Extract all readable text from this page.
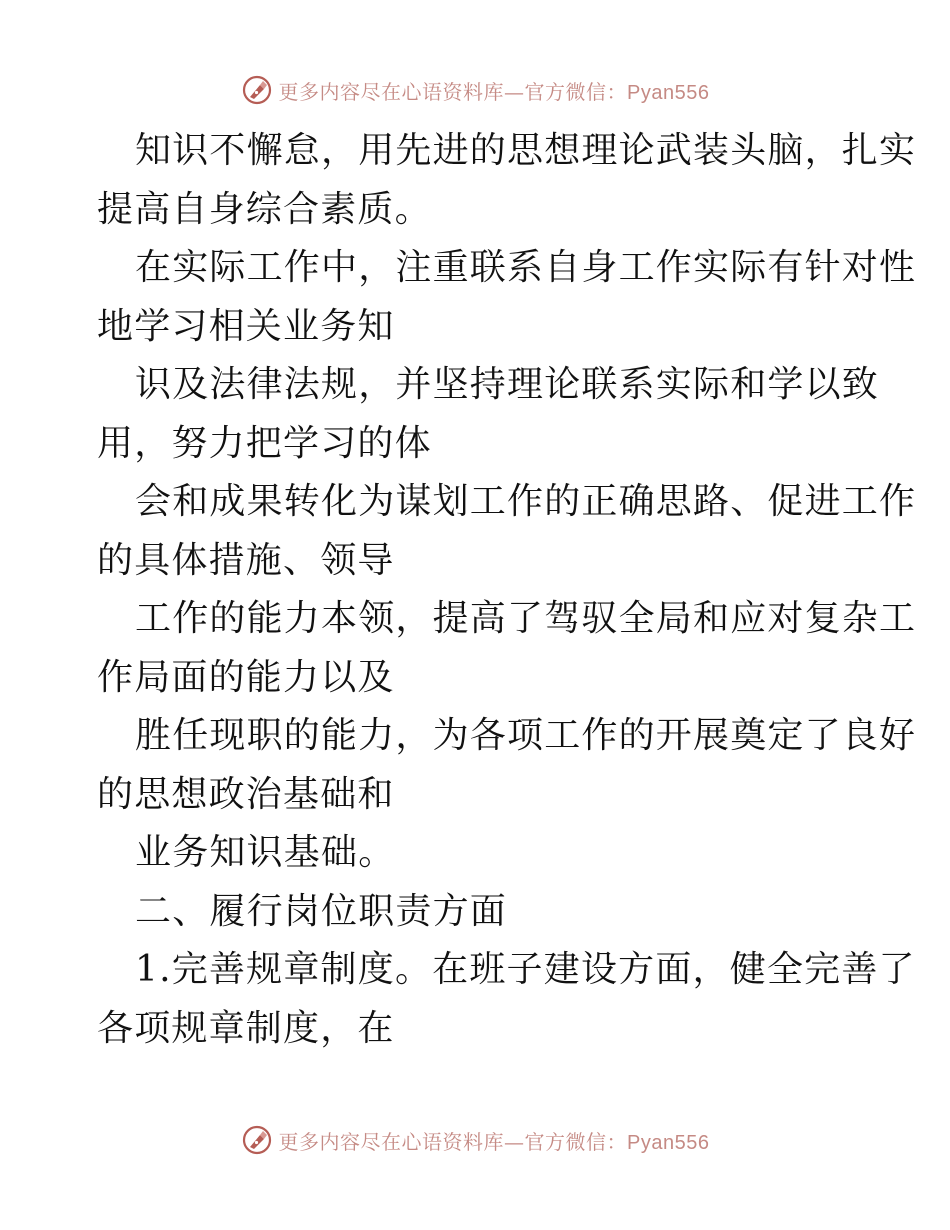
更多内容尽在心语资料库—官方微信：Pyan556
知识不懈怠，用先进的思想理论武装头脑，扎实
提高自身综合素质。
在实际工作中，注重联系自身工作实际有针对性
地学习相关业务知
识及法律法规，并坚持理论联系实际和学以致
用，努力把学习的体
会和成果转化为谋划工作的正确思路、促进工作
的具体措施、领导
工作的能力本领，提高了驾驭全局和应对复杂工
作局面的能力以及
胜任现职的能力，为各项工作的开展奠定了良好
的思想政治基础和
业务知识基础。
二、履行岗位职责方面
1.完善规章制度。在班子建设方面，健全完善了
各项规章制度，在
更多内容尽在心语资料库—官方微信：Pyan556
